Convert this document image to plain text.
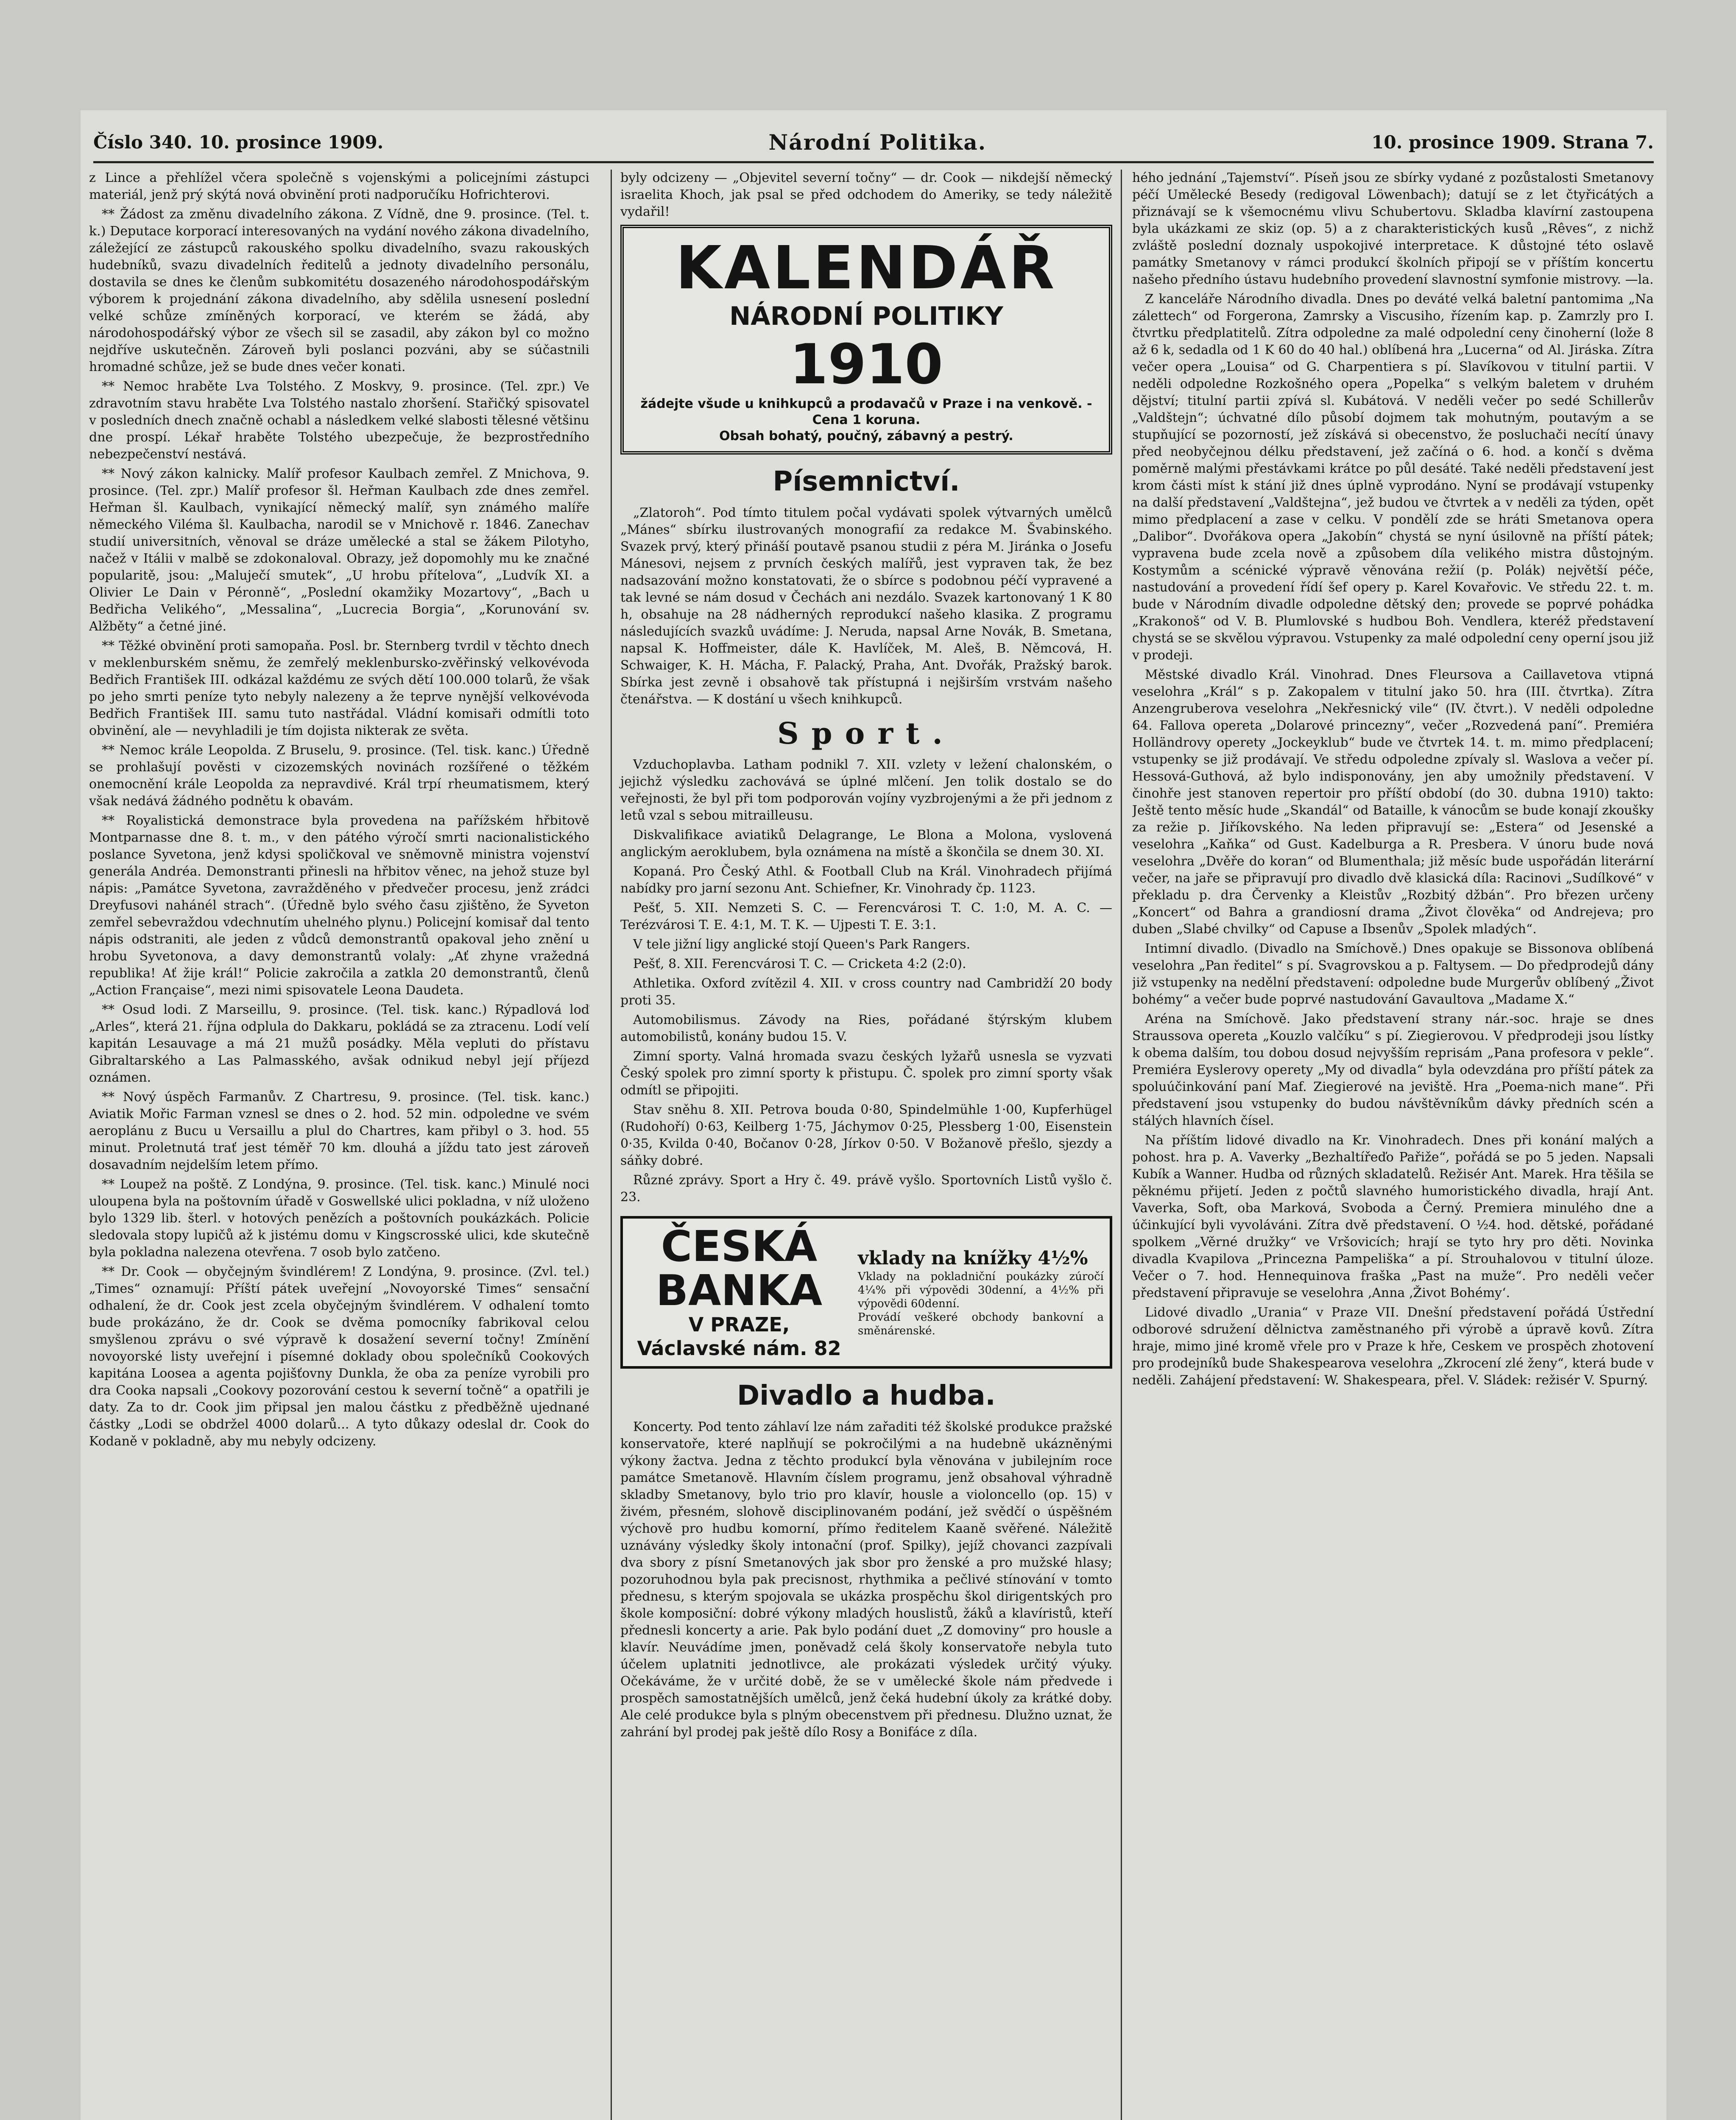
Číslo 340. 10. prosince 1909.	Národní Politika.	10. prosince 1909. Strana 7.

z Lince a přehlížel včera společně s vojenskými a policejními zástupci materiál, jenž prý skýtá nová obvinění proti nadporučíku Hofrichterovi.

** Žádost za změnu divadelního zákona. Z Vídně, dne 9. prosince. (Tel. t. k.) Deputace korporací interesovaných na vydání nového zákona divadelního, záležející ze zástupců rakouského spolku divadelního, svazu rakouských hudebníků, svazu divadelních ředitelů a jednoty divadelního personálu, dostavila se dnes ke členům subkomitétu dosazeného národohospodářským výborem k projednání zákona divadelního, aby sdělila usnesení poslední velké schůze zmíněných korporací, ve kterém se žádá, aby národohospodářský výbor ze všech sil se zasadil, aby zákon byl co možno nejdříve uskutečněn. Zároveň byli poslanci pozváni, aby se súčastnili hromadné schůze, jež se bude dnes večer konati.

** Nemoc hraběte Lva Tolstého. Z Moskvy, 9. prosince. (Tel. zpr.) Ve zdravotním stavu hraběte Lva Tolstého nastalo zhoršení. Stařičký spisovatel v posledních dnech značně ochabl a následkem velké slabosti tělesné většinu dne prospí. Lékař hraběte Tolstého ubezpečuje, že bezprostředního nebezpečenství nestává.

** Nový zákon kalnicky. Malíř profesor Kaulbach zemřel. Z Mnichova, 9. prosince. (Tel. zpr.) Malíř profesor šl. Heřman Kaulbach zde dnes zemřel. Heřman šl. Kaulbach, vynikající německý malíř, syn známého malíře německého Viléma šl. Kaulbacha, narodil se v Mnichově r. 1846. Zanechav studií universitních, věnoval se dráze umělecké a stal se žákem Pilotyho, načež v Itálii v malbě se zdokonaloval. Obrazy, jež dopomohly mu ke značné popularitě, jsou: „Maluječí smutek“, „U hrobu přítelova“, „Ludvík XI. a Olivier Le Dain v Péronně“, „Poslední okamžiky Mozartovy“, „Bach u Bedřicha Velikého“, „Messalina“, „Lucrecia Borgia“, „Korunování sv. Alžběty“ a četné jiné.

** Těžké obvinění proti samopaňa. Posl. br. Sternberg tvrdil v těchto dnech v meklenburském sněmu, že zemřelý meklenbursko-zvěřinský velkovévoda Bedřich František III. odkázal každému ze svých dětí 100.000 tolarů, že však po jeho smrti peníze tyto nebyly nalezeny a že teprve nynější velkovévoda Bedřich František III. samu tuto nastřádal. Vládní komisaři odmítli toto obvinění, ale — nevyhladili je tím dojista nikterak ze světa.

** Nemoc krále Leopolda. Z Bruselu, 9. prosince. (Tel. tisk. kanc.) Úředně se prohlašují pověsti v cizozemských novinách rozšířené o těžkém onemocnění krále Leopolda za nepravdivé. Král trpí rheumatismem, který však nedává žádného podnětu k obavám.

** Royalistická demonstrace byla provedena na pařížském hřbitově Montparnasse dne 8. t. m., v den pátého výročí smrti nacionalistického poslance Syvetona, jenž kdysi spoličkoval ve sněmovně ministra vojenství generála Andréa. Demonstranti přinesli na hřbitov věnec, na jehož stuze byl nápis: „Památce Syvetona, zavražděného v předvečer procesu, jenž zrádci Dreyfusovi nahánél strach“. (Úředně bylo svého času zjištěno, že Syveton zemřel sebevraždou vdechnutím uhelného plynu.) Policejní komisař dal tento nápis odstraniti, ale jeden z vůdců demonstrantů opakoval jeho znění u hrobu Syvetonova, a davy demonstrantů volaly: „Ať zhyne vražedná republika! Ať žije král!“ Policie zakročila a zatkla 20 demonstrantů, členů „Action Française“, mezi nimi spisovatele Leona Daudeta.

** Osud lodi. Z Marseillu, 9. prosince. (Tel. tisk. kanc.) Rýpadlová loď „Arles“, která 21. října odplula do Dakkaru, pokládá se za ztracenu. Lodí velí kapitán Lesauvage a má 21 mužů posádky. Měla vepluti do přístavu Gibraltarského a Las Palmasského, avšak odnikud nebyl její příjezd oznámen.

** Nový úspěch Farmanův. Z Chartresu, 9. prosince. (Tel. tisk. kanc.) Aviatik Mořic Farman vznesl se dnes o 2. hod. 52 min. odpoledne ve svém aeroplánu z Bucu u Versaillu a plul do Chartres, kam přibyl o 3. hod. 55 minut. Proletnutá trať jest téměř 70 km. dlouhá a jíždu tato jest zároveň dosavadním nejdelším letem přímo.

** Loupež na poště. Z Londýna, 9. prosince. (Tel. tisk. kanc.) Minulé noci uloupena byla na poštovním úřadě v Goswellské ulici pokladna, v níž uloženo bylo 1329 lib. šterl. v hotových penězích a poštovních poukázkách. Policie sledovala stopy lupičů až k jistému domu v Kingscrosské ulici, kde skutečně byla pokladna nalezena otevřena. 7 osob bylo zatčeno.

** Dr. Cook — obyčejným švindlérem! Z Londýna, 9. prosince. (Zvl. tel.) „Times“ oznamují: Příští pátek uveřejní „Novoyorské Times“ sensační odhalení, že dr. Cook jest zcela obyčejným švindlérem. V odhalení tomto bude prokázáno, že dr. Cook se dvěma pomocníky fabrikoval celou smyšlenou zprávu o své výpravě k dosažení severní točny! Zmínění novoyorské listy uveřejní i písemné doklady obou společníků Cookových kapitána Loosea a agenta pojišťovny Dunkla, že oba za peníze vyrobili pro dra Cooka napsali „Cookovy pozorování cestou k severní točně“ a opatřili je daty. Za to dr. Cook jim připsal jen malou částku z předběžně ujednané částky „Lodi se obdržel 4000 dolarů... A tyto důkazy odeslal dr. Cook do Kodaně v pokladně, aby mu nebyly odcizeny.

byly odcizeny — „Objevitel severní točny“ — dr. Cook — nikdejší německý israelita Khoch, jak psal se před odchodem do Ameriky, se tedy náležitě vydařil!

KALENDÁŘ
NÁRODNÍ POLITIKY
1910
žádejte všude u knihkupců a prodavačů v Praze i na venkově. - Cena 1 koruna.
Obsah bohatý, poučný, zábavný a pestrý.
Písemnictví.

„Zlatoroh“. Pod tímto titulem počal vydávati spolek výtvarných umělců „Mánes“ sbírku ilustrovaných monografií za redakce M. Švabinského. Svazek prvý, který přináší poutavě psanou studii z péra M. Jiránka o Josefu Mánesovi, nejsem z prvních českých malířů, jest vypraven tak, že bez nadsazování možno konstatovati, že o sbírce s podobnou péčí vypravené a tak levné se nám dosud v Čechách ani nezdálo. Svazek kartonovaný 1 K 80 h, obsahuje na 28 nádherných reprodukcí našeho klasika. Z programu následujících svazků uvádíme: J. Neruda, napsal Arne Novák, B. Smetana, napsal K. Hoffmeister, dále K. Havlíček, M. Aleš, B. Němcová, H. Schwaiger, K. H. Mácha, F. Palacký, Praha, Ant. Dvořák, Pražský barok. Sbírka jest zevně i obsahově tak přístupná i nejširším vrstvám našeho čtenářstva. — K dostání u všech knihkupců.

Sport.

Vzduchoplavba. Latham podnikl 7. XII. vzlety v ležení chalonském, o jejichž výsledku zachovává se úplné mlčení. Jen tolik dostalo se do veřejnosti, že byl při tom podporován vojíny vyzbrojenými a že při jednom z letů vzal s sebou mitrailleusu.

Diskvalifikace aviatiků Delagrange, Le Blona a Molona, vyslovená anglickým aeroklubem, byla oznámena na místě a škončila se dnem 30. XI.

Kopaná. Pro Český Athl. & Football Club na Král. Vinohradech přijímá nabídky pro jarní sezonu Ant. Schiefner, Kr. Vinohrady čp. 1123.

Pešť, 5. XII. Nemzeti S. C. — Ferencvárosi T. C. 1:0, M. A. C. — Terézvárosi T. E. 4:1, M. T. K. — Ujpesti T. E. 3:1.

V tele jižní ligy anglické stojí Queen's Park Rangers.

Pešť, 8. XII. Ferencvárosi T. C. — Cricketa 4:2 (2:0).

Athletika. Oxford zvítězil 4. XII. v cross country nad Cambridží 20 body proti 35.

Automobilismus. Závody na Ries, pořádané štýrským klubem automobilistů, konány budou 15. V.

Zimní sporty. Valná hromada svazu českých lyžařů usnesla se vyzvati Český spolek pro zimní sporty k přistupu. Č. spolek pro zimní sporty však odmítl se připojiti.

Stav sněhu 8. XII. Petrova bouda 0·80, Spindelmühle 1·00, Kupferhügel (Rudohoří) 0·63, Keilberg 1·75, Jáchymov 0·25, Plessberg 1·00, Eisenstein 0·35, Kvilda 0·40, Bočanov 0·28, Jírkov 0·50. V Božanově přešlo, sjezdy a sáňky dobré.

Různé zprávy. Sport a Hry č. 49. právě vyšlo. Sportovních Listů vyšlo č. 23.

ČESKÁ BANKA
V PRAZE,
Václavské nám. 82
vklady na knížky 4½%
Vklady na pokladniční poukázky zúročí 4¼% při výpovědi 30denní, a 4½% při výpovědi 60denní.
Provádí veškeré obchody bankovní a směnárenské.
Divadlo a hudba.

Koncerty. Pod tento záhlaví lze nám zařaditi též školské produkce pražské konservatoře, které naplňují se pokročilými a na hudebně ukázněnými výkony žactva. Jedna z těchto produkcí byla věnována v jubilejním roce památce Smetanově. Hlavním číslem programu, jenž obsahoval výhradně skladby Smetanovy, bylo trio pro klavír, housle a violoncello (op. 15) v živém, přesném, slohově disciplinovaném podání, jež svědčí o úspěšném výchově pro hudbu komorní, přímo ředitelem Kaaně svěřené. Náležitě uznávány výsledky školy intonační (prof. Spilky), jejíž chovanci zazpívali dva sbory z písní Smetanových jak sbor pro ženské a pro mužské hlasy; pozoruhodnou byla pak precisnost, rhythmika a pečlivé stínování v tomto přednesu, s kterým spojovala se ukázka prospěchu škol dirigentských pro škole komposiční: dobré výkony mladých houslistů, žáků a klavíristů, kteří přednesli koncerty a arie. Pak bylo podání duet „Z domoviny“ pro housle a klavír. Neuvádíme jmen, poněvadž celá školy konservatoře nebyla tuto účelem uplatniti jednotlivce, ale prokázati výsledek určitý výuky. Očekáváme, že v určité době, že se v umělecké škole nám předvede i prospěch samostatnějších umělců, jenž čeká hudební úkoly za krátké doby. Ale celé produkce byla s plným obecenstvem při přednesu. Dlužno uznat, že zahrání byl prodej pak ještě dílo Rosy a Bonifáce z díla.

hého jednání „Tajemství“. Píseň jsou ze sbírky vydané z pozůstalosti Smetanovy péčí Umělecké Besedy (redigoval Löwenbach); datují se z let čtyřicátých a přiznávají se k všemocnému vlivu Schubertovu. Skladba klavírní zastoupena byla ukázkami ze skiz (op. 5) a z charakteristických kusů „Rêves“, z nichž zvláště poslední doznaly uspokojivé interpretace. K důstojné této oslavě památky Smetanovy v rámci produkcí školních připojí se v příštím koncertu našeho předního ústavu hudebního provedení slavnostní symfonie mistrovy. —la.

Z kanceláře Národního divadla. Dnes po deváté velká baletní pantomima „Na zálettech“ od Forgerona, Zamrsky a Viscusiho, řízením kap. p. Zamrzly pro I. čtvrtku předplatitelů. Zítra odpoledne za malé odpolední ceny činoherní (lože 8 až 6 k, sedadla od 1 K 60 do 40 hal.) oblíbená hra „Lucerna“ od Al. Jiráska. Zítra večer opera „Louisa“ od G. Charpentiera s pí. Slavíkovou v titulní partii. V neděli odpoledne Rozkošného opera „Popelka“ s velkým baletem v druhém dějství; titulní partii zpívá sl. Kubátová. V neděli večer po sedé Schillerův „Valdštejn“; úchvatné dílo působí dojmem tak mohutným, poutavým a se stupňující se pozorností, jež získává si obecenstvo, že posluchači necítí únavy před neobyčejnou délku představení, jež začíná o 6. hod. a končí s dvěma poměrně malými přestávkami krátce po půl desáté. Také neděli představení jest krom části míst k stání již dnes úplně vyprodáno. Nyní se prodávají vstupenky na další představení „Valdštejna“, jež budou ve čtvrtek a v neděli za týden, opět mimo předplacení a zase v celku. V pondělí zde se hráti Smetanova opera „Dalibor“. Dvořákova opera „Jakobín“ chystá se nyní úsilovně na příští pátek; vypravena bude zcela nově a způsobem díla velikého mistra důstojným. Kostymům a scénické výpravě věnována režií (p. Polák) největší péče, nastudování a provedení řídí šef opery p. Karel Kovařovic. Ve středu 22. t. m. bude v Národním divadle odpoledne dětský den; provede se poprvé pohádka „Krakonoš“ od V. B. Plumlovské s hudbou Boh. Vendlera, kteréž představení chystá se se skvělou výpravou. Vstupenky za malé odpolední ceny operní jsou již v prodeji.

Městské divadlo Král. Vinohrad. Dnes Fleursova a Caillavetova vtipná veselohra „Král“ s p. Zakopalem v titulní jako 50. hra (III. čtvrtka). Zítra Anzengruberova veselohra „Nekřesnický vile“ (IV. čtvrt.). V neděli odpoledne 64. Fallova opereta „Dolarové princezny“, večer „Rozvedená paní“. Premiéra Holländrovy operety „Jockeyklub“ bude ve čtvrtek 14. t. m. mimo předplacení; vstupenky se již prodávají. Ve středu odpoledne zpívaly sl. Waslova a večer pí. Hessová-Guthová, až bylo indisponovány, jen aby umožnily představení. V činohře jest stanoven repertoir pro příští období (do 30. dubna 1910) takto: Ještě tento měsíc hude „Skandál“ od Bataille, k vánocům se bude konají zkoušky za režie p. Jiříkovského. Na leden připravují se: „Estera“ od Jesenské a veselohra „Kaňka“ od Gust. Kadelburga a R. Presbera. V únoru bude nová veselohra „Dvěře do koran“ od Blumenthala; již měsíc bude uspořádán literární večer, na jaře se připravují pro divadlo dvě klasická díla: Racinovi „Sudílkové“ v překladu p. dra Červenky a Kleistův „Rozbitý džbán“. Pro březen určeny „Koncert“ od Bahra a grandiosní drama „Život člověka“ od Andrejeva; pro duben „Slabé chvilky“ od Capuse a Ibsenův „Spolek mladých“.

Intimní divadlo. (Divadlo na Smíchově.) Dnes opakuje se Bissonova oblíbená veselohra „Pan ředitel“ s pí. Svagrovskou a p. Faltysem. — Do předprodejů dány již vstupenky na nedělní představení: odpoledne bude Murgerův oblíbený „Život bohémy“ a večer bude poprvé nastudování Gavaultova „Madame X.“

Aréna na Smíchově. Jako představení strany nár.-soc. hraje se dnes Straussova opereta „Kouzlo valčíku“ s pí. Ziegierovou. V předprodeji jsou lístky k obema dalším, tou dobou dosud nejvyšším reprisám „Pana profesora v pekle“. Premiéra Eyslerovy operety „My od divadla“ byla odevzdána pro příští pátek za spoluúčinkování paní Maf. Ziegierové na jeviště. Hra „Poema-nich mane“. Při představení jsou vstupenky do budou návštěvníkům dávky předních scén a stálých hlavních čísel.

Na příštím lidové divadlo na Kr. Vinohradech. Dnes při konání malých a pohost. hra p. A. Vaverky „Bezhaltířeďo Pařiže“, pořádá se po 5 jeden. Napsali Kubík a Wanner. Hudba od různých skladatelů. Režisér Ant. Marek. Hra těšila se pěknému přijetí. Jeden z počtů slavného humoristického divadla, hrají Ant. Vaverka, Soft, oba Marková, Svoboda a Černý. Premiera minulého dne a účinkující byli vyvoláváni. Zítra dvě představení. O ½4. hod. dětské, pořádané spolkem „Věrné družky“ ve Vršovicích; hrají se tyto hry pro děti. Novinka divadla Kvapilova „Princezna Pampeliška“ a pí. Strouhalovou v titulní úloze. Večer o 7. hod. Hennequinova fraška „Past na muže“. Pro neděli večer představení připravuje se veselohra ‚Anna ‚Život Bohémy‘.

Lidové divadlo „Urania“ v Praze VII. Dnešní představení pořádá Ústřední odborové sdružení dělnictva zaměstnaného při výrobě a úpravě kovů. Zítra hraje, mimo jiné kromě vřele pro v Praze k hře, Ceskem ve prospěch zhotovení pro prodejníků bude Shakespearova veselohra „Zkrocení zlé ženy“, která bude v neděli. Zahájení představení: W. Shakespeara, přel. V. Sládek: režisér V. Spurný.
